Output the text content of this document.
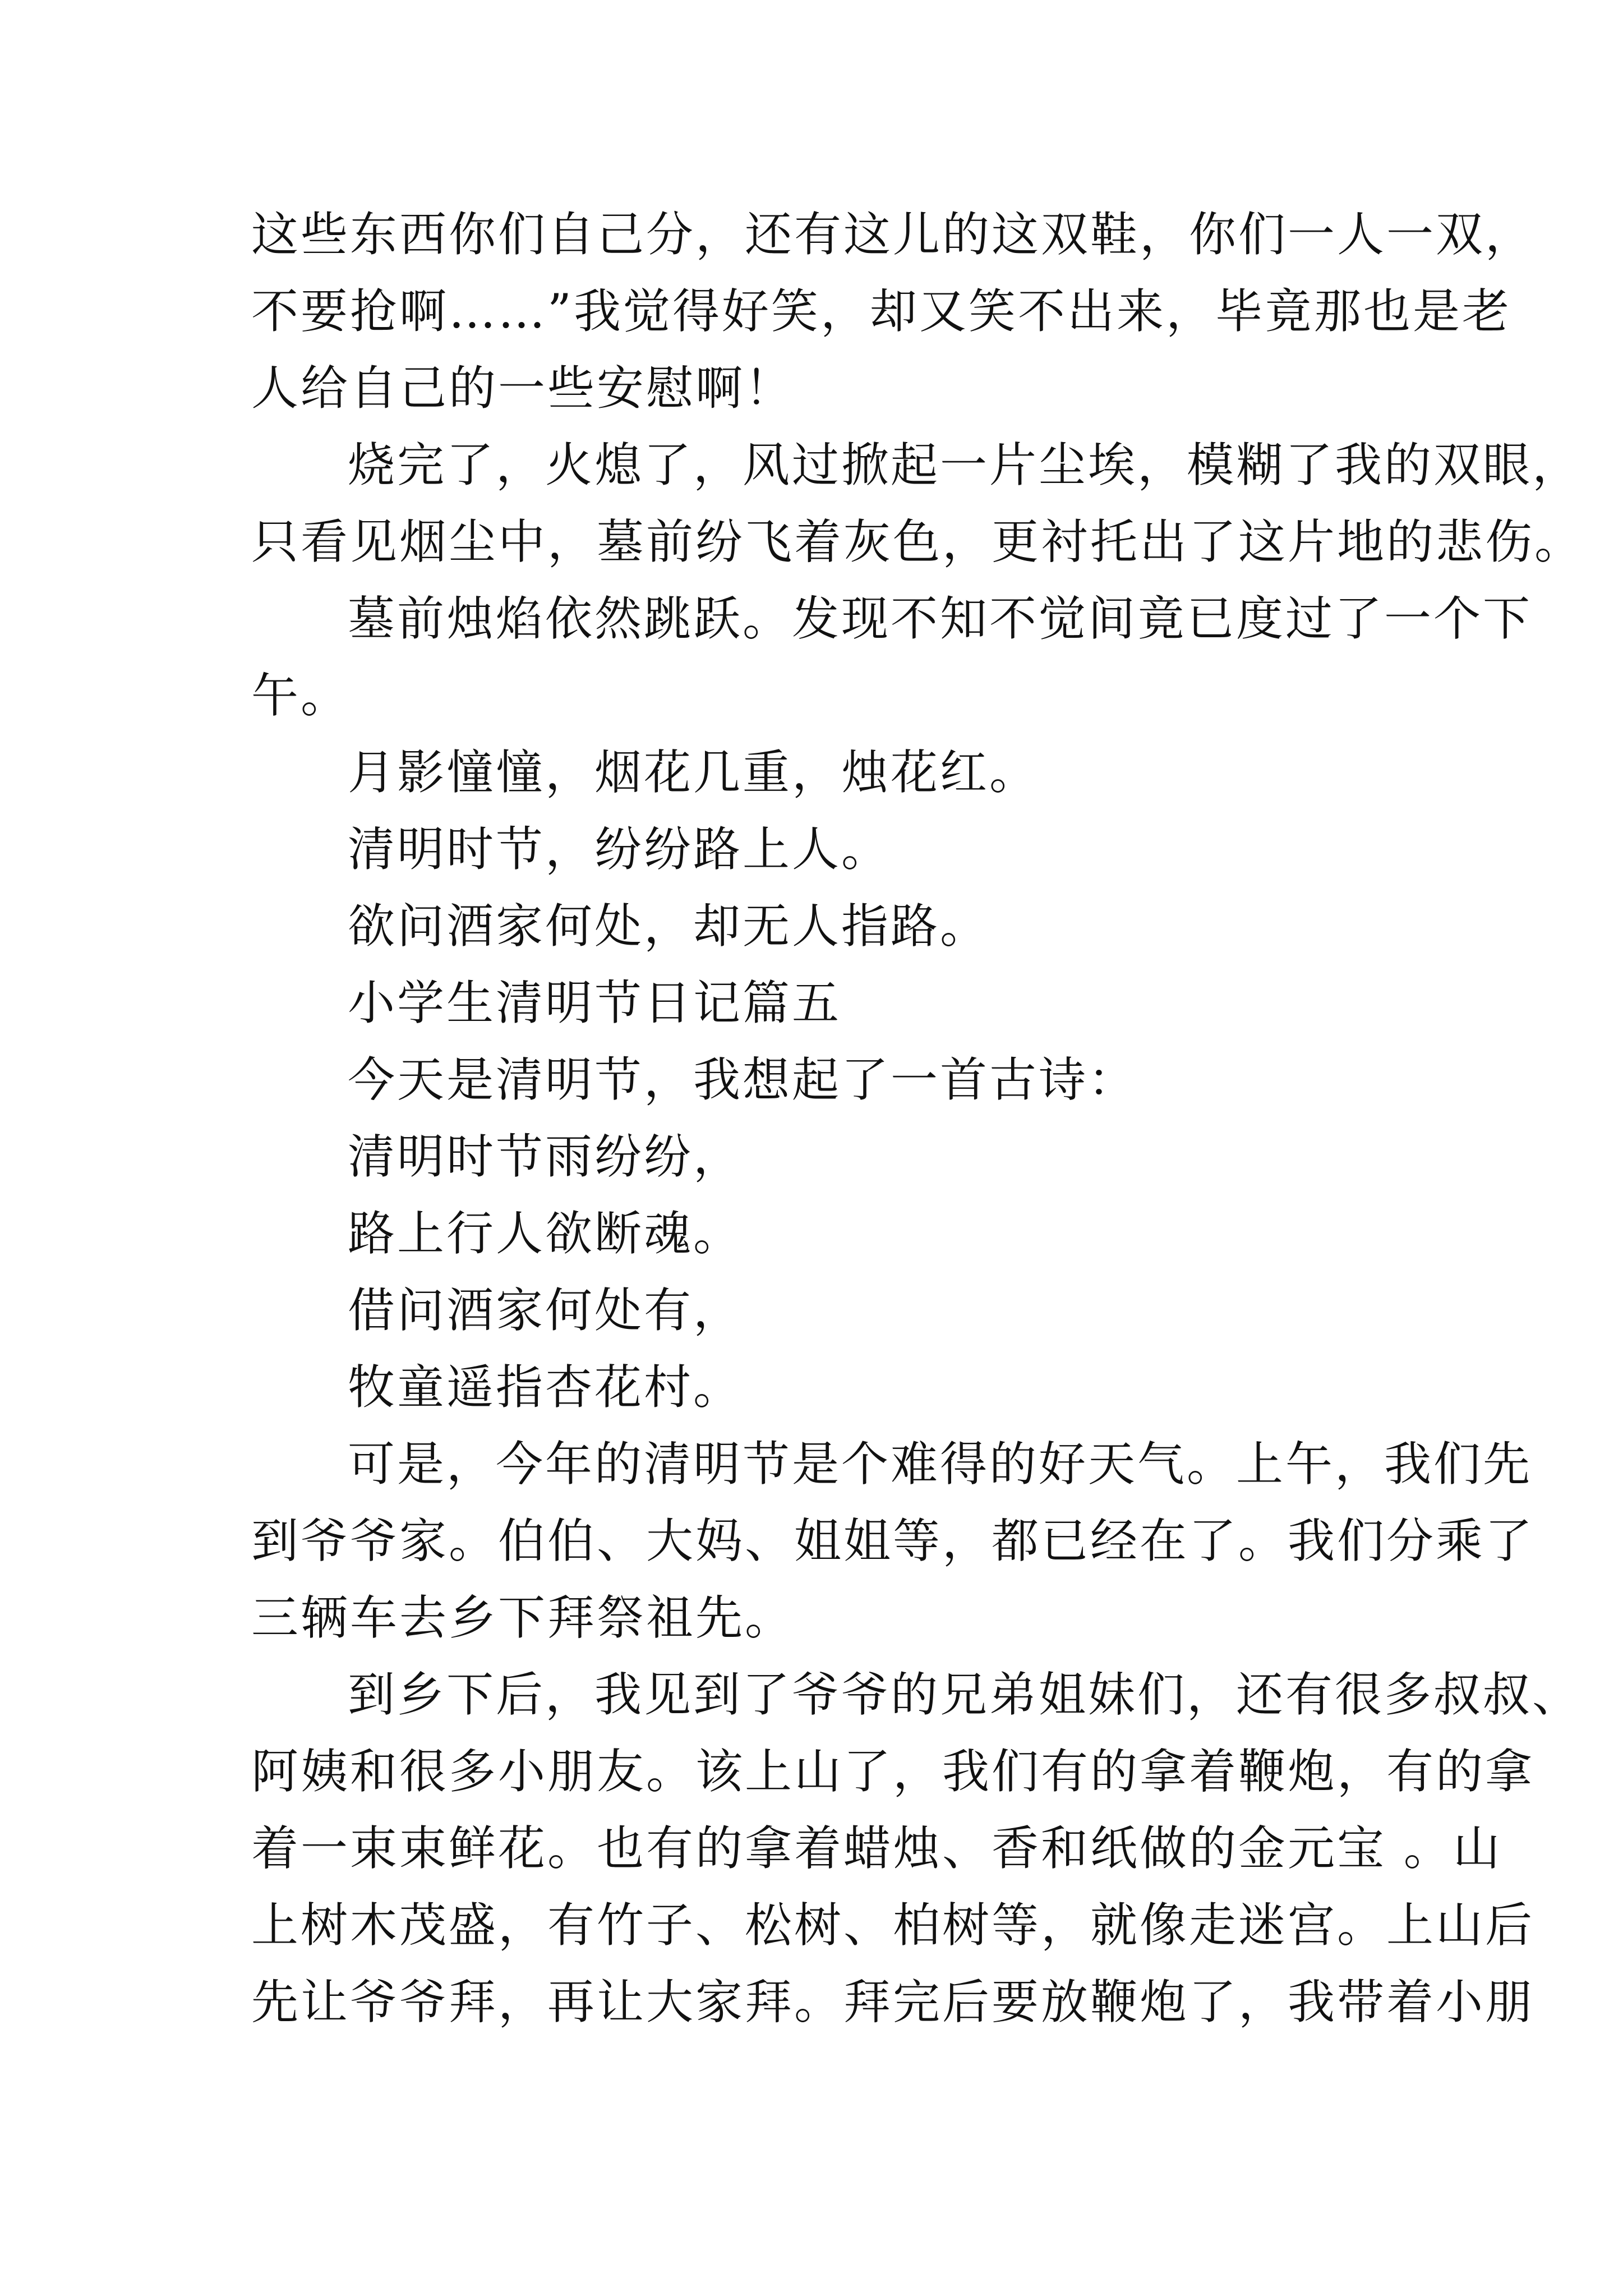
这些东西你们自己分，还有这儿的这双鞋，你们一人一双，
不要抢啊……”我觉得好笑，却又笑不出来，毕竟那也是老
人给自己的一些安慰啊！
烧完了，火熄了，风过掀起一片尘埃，模糊了我的双眼，
只看见烟尘中，墓前纷飞着灰色，更衬托出了这片地的悲伤。
墓前烛焰依然跳跃。发现不知不觉间竟已度过了一个下
午。
月影憧憧，烟花几重，烛花红。
清明时节，纷纷路上人。
欲问酒家何处，却无人指路。
小学生清明节日记篇五
今天是清明节，我想起了一首古诗：
清明时节雨纷纷，
路上行人欲断魂。
借问酒家何处有，
牧童遥指杏花村。
可是，今年的清明节是个难得的好天气。上午，我们先
到爷爷家。伯伯、大妈、姐姐等，都已经在了。我们分乘了
三辆车去乡下拜祭祖先。
到乡下后，我见到了爷爷的兄弟姐妹们，还有很多叔叔、
阿姨和很多小朋友。该上山了，我们有的拿着鞭炮，有的拿
着一束束鲜花。也有的拿着蜡烛、香和纸做的金元宝 。山
上树木茂盛，有竹子、松树、柏树等，就像走迷宫。上山后
先让爷爷拜，再让大家拜。拜完后要放鞭炮了，我带着小朋
